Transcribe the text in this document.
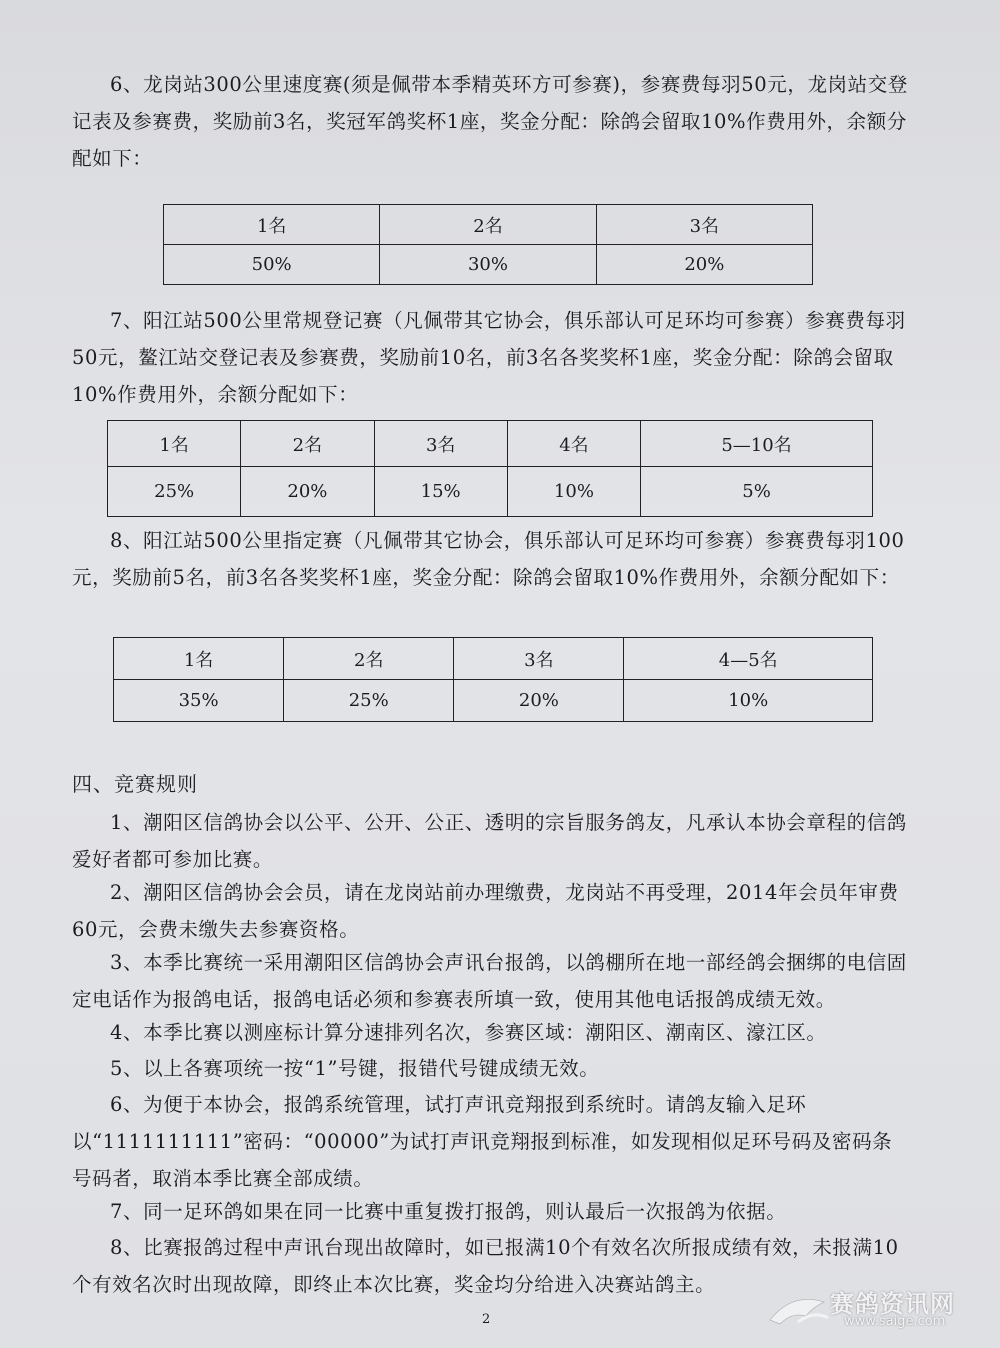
6、龙岗站300公里速度赛(须是佩带本季精英环方可参赛)，参赛费每羽50元，龙岗站交登记表及参赛费，奖励前3名，奖冠军鸽奖杯1座，奖金分配：除鸽会留取10%作费用外，余额分配如下：

1名	2名	3名
50%	30%	20%

7、阳江站500公里常规登记赛（凡佩带其它协会，俱乐部认可足环均可参赛）参赛费每羽50元，鳌江站交登记表及参赛费，奖励前10名，前3名各奖奖杯1座，奖金分配：除鸽会留取10%作费用外，余额分配如下：

1名	2名	3名	4名	5—10名
25%	20%	15%	10%	5%

8、阳江站500公里指定赛（凡佩带其它协会，俱乐部认可足环均可参赛）参赛费每羽100元，奖励前5名，前3名各奖奖杯1座，奖金分配：除鸽会留取10%作费用外，余额分配如下：

1名	2名	3名	4—5名
35%	25%	20%	10%

四、竞赛规则

1、潮阳区信鸽协会以公平、公开、公正、透明的宗旨服务鸽友，凡承认本协会章程的信鸽爱好者都可参加比赛。

2、潮阳区信鸽协会会员，请在龙岗站前办理缴费，龙岗站不再受理，2014年会员年审费60元，会费未缴失去参赛资格。

3、本季比赛统一采用潮阳区信鸽协会声讯台报鸽，以鸽棚所在地一部经鸽会捆绑的电信固定电话作为报鸽电话，报鸽电话必须和参赛表所填一致，使用其他电话报鸽成绩无效。

4、本季比赛以测座标计算分速排列名次，参赛区域：潮阳区、潮南区、濠江区。

5、以上各赛项统一按“1”号键，报错代号键成绩无效。

6、为便于本协会，报鸽系统管理，试打声讯竞翔报到系统时。请鸽友输入足环以“1111111111”密码：“00000”为试打声讯竞翔报到标准，如发现相似足环号码及密码条号码者，取消本季比赛全部成绩。

7、同一足环鸽如果在同一比赛中重复拨打报鸽，则认最后一次报鸽为依据。

8、比赛报鸽过程中声讯台现出故障时，如已报满10个有效名次所报成绩有效，未报满10个有效名次时出现故障，即终止本次比赛，奖金均分给进入决赛站鸽主。

2
赛鸽资讯网
www.saige.com
